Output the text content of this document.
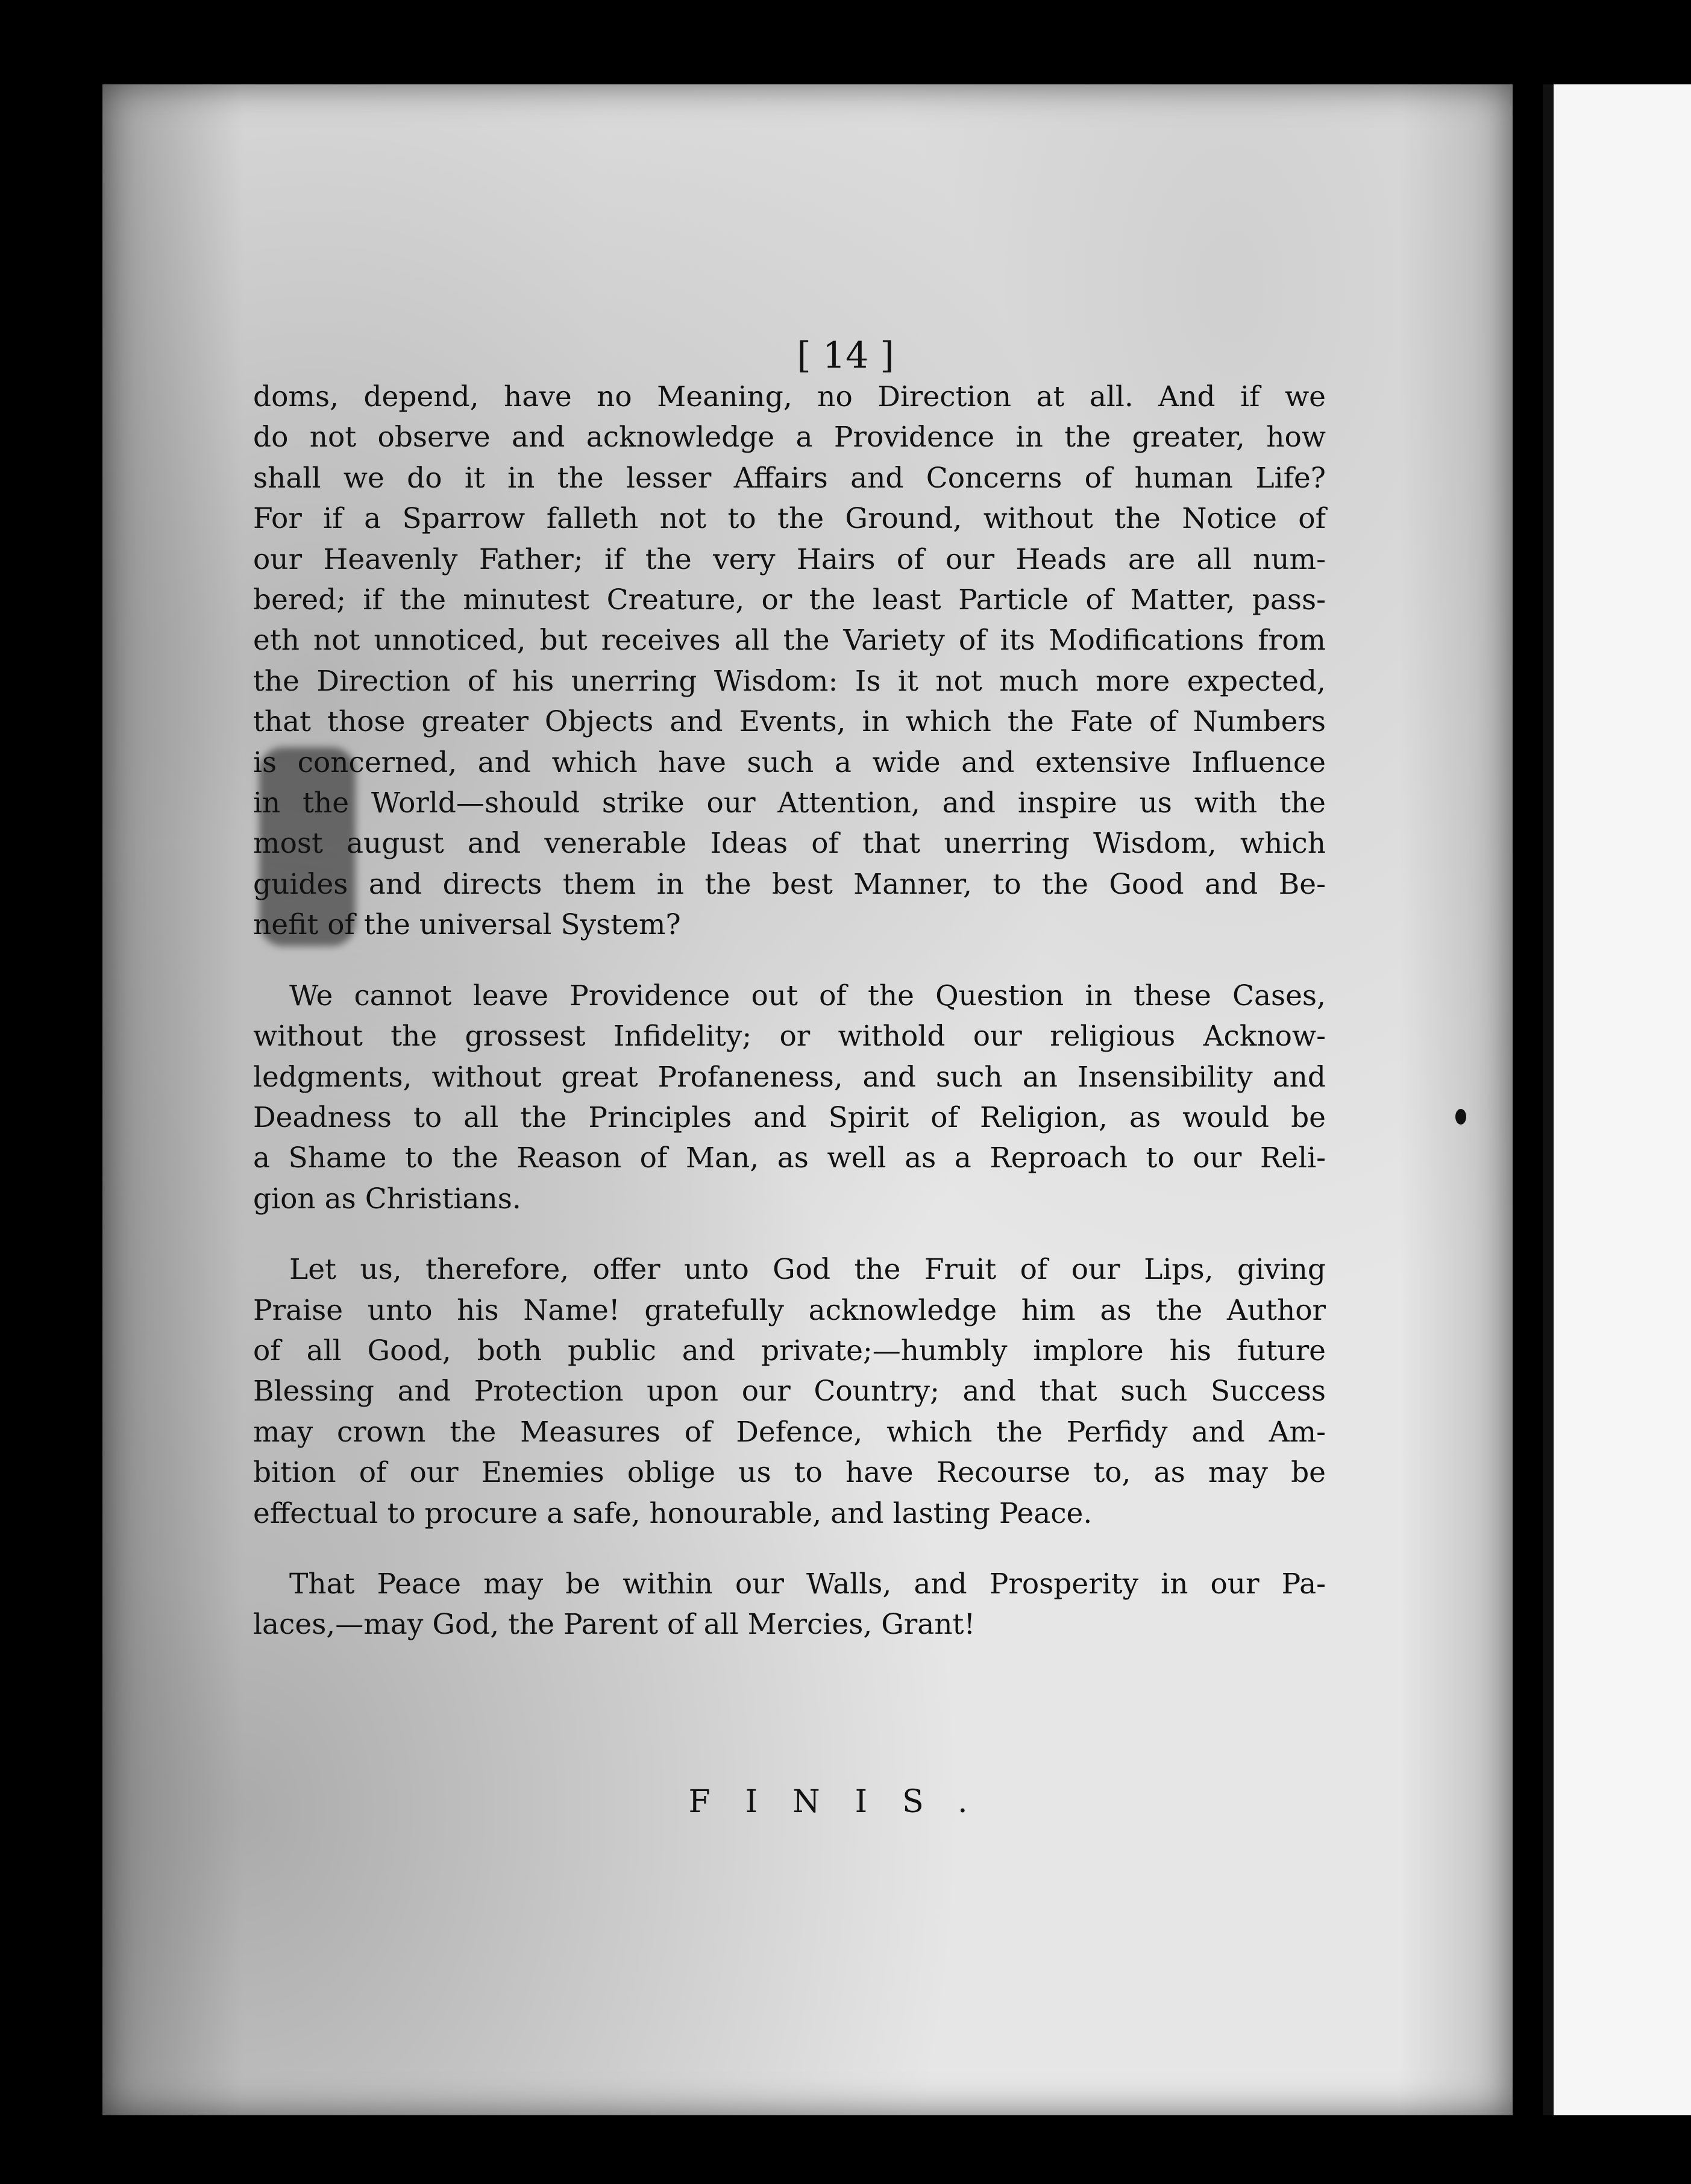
[ 14 ]
doms, depend, have no Meaning, no Direction at all. And if we
do not observe and acknowledge a Providence in the greater, how
shall we do it in the lesser Affairs and Concerns of human Life?
For if a Sparrow falleth not to the Ground, without the Notice of
our Heavenly Father; if the very Hairs of our Heads are all num-
bered; if the minutest Creature, or the least Particle of Matter, pass-
eth not unnoticed, but receives all the Variety of its Modifications from
the Direction of his unerring Wisdom: Is it not much more expected,
that those greater Objects and Events, in which the Fate of Numbers
is concerned, and which have such a wide and extensive Influence
in the World—should strike our Attention, and inspire us with the
most august and venerable Ideas of that unerring Wisdom, which
guides and directs them in the best Manner, to the Good and Be-
nefit of the universal System?
We cannot leave Providence out of the Question in these Cases,
without the grossest Infidelity; or withold our religious Acknow-
ledgments, without great Profaneness, and such an Insensibility and
Deadness to all the Principles and Spirit of Religion, as would be
a Shame to the Reason of Man, as well as a Reproach to our Reli-
gion as Christians.
Let us, therefore, offer unto God the Fruit of our Lips, giving
Praise unto his Name! gratefully acknowledge him as the Author
of all Good, both public and private;—humbly implore his future
Blessing and Protection upon our Country; and that such Success
may crown the Measures of Defence, which the Perfidy and Am-
bition of our Enemies oblige us to have Recourse to, as may be
effectual to procure a safe, honourable, and lasting Peace.
That Peace may be within our Walls, and Prosperity in our Pa-
laces,—may God, the Parent of all Mercies, Grant!
FINIS.
